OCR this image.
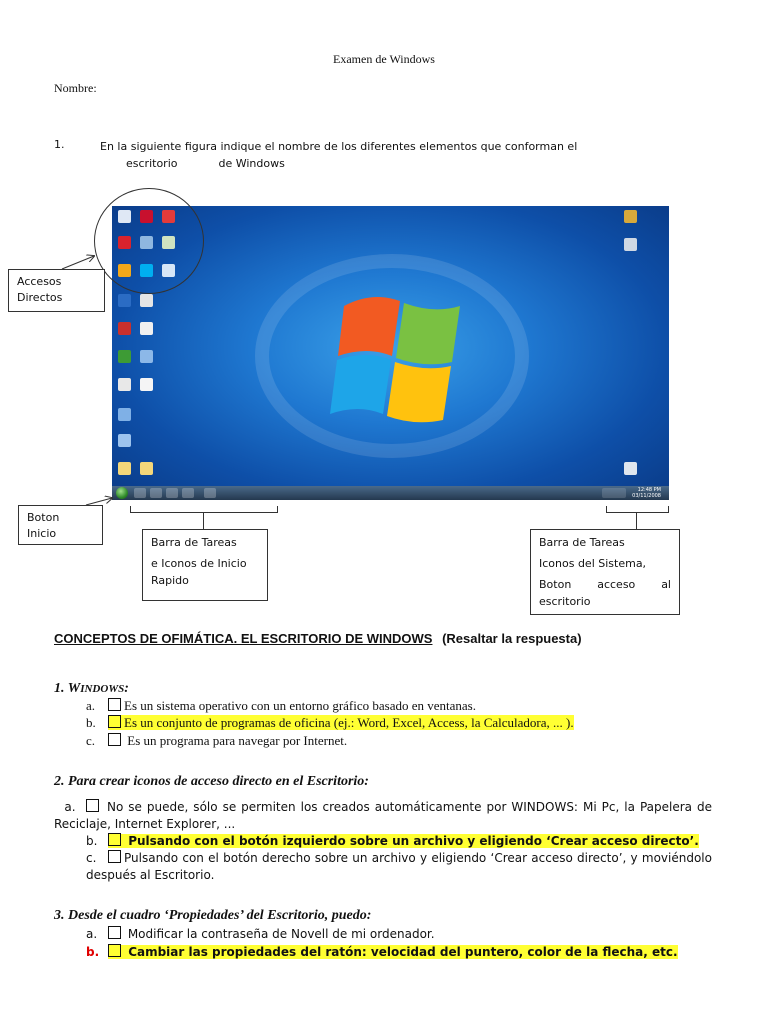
Examen de Windows
Nombre:
1.	En la siguiente figura indique el nombre de los diferentes elementos que conforman el
escritorio	de Windows
12:48 PM
03/11/2008
Accesos
Directos
Boton
Inicio
Barra de Tareas
e Iconos de Inicio
Rapido
Barra de Tareas
Iconos del Sistema,
Boton acceso al
escritorio
CONCEPTOS DE OFIMÁTICA. EL ESCRITORIO DE WINDOWS (Resaltar la respuesta)
1. WINDOWS:
a. Es un sistema operativo con un entorno gráfico basado en ventanas.
b. Es un conjunto de programas de oficina (ej.: Word, Excel, Access, la Calculadora, ... ).
c. Es un programa para navegar por Internet.
2. Para crear iconos de acceso directo en el Escritorio:
a.	No se puede, sólo se permiten los creados automáticamente por WINDOWS: Mi Pc, la Papelera de Reciclaje, Internet Explorer, ...
b.	Pulsando con el botón izquierdo sobre un archivo y eligiendo ‘Crear acceso directo’.
c. Pulsando con el botón derecho sobre un archivo y eligiendo ‘Crear acceso directo’, y moviéndolo después al Escritorio.
3. Desde el cuadro ‘Propiedades’ del Escritorio, puedo:
a.	Modificar la contraseña de Novell de mi ordenador.
b. Cambiar las propiedades del ratón: velocidad del puntero, color de la flecha, etc.
